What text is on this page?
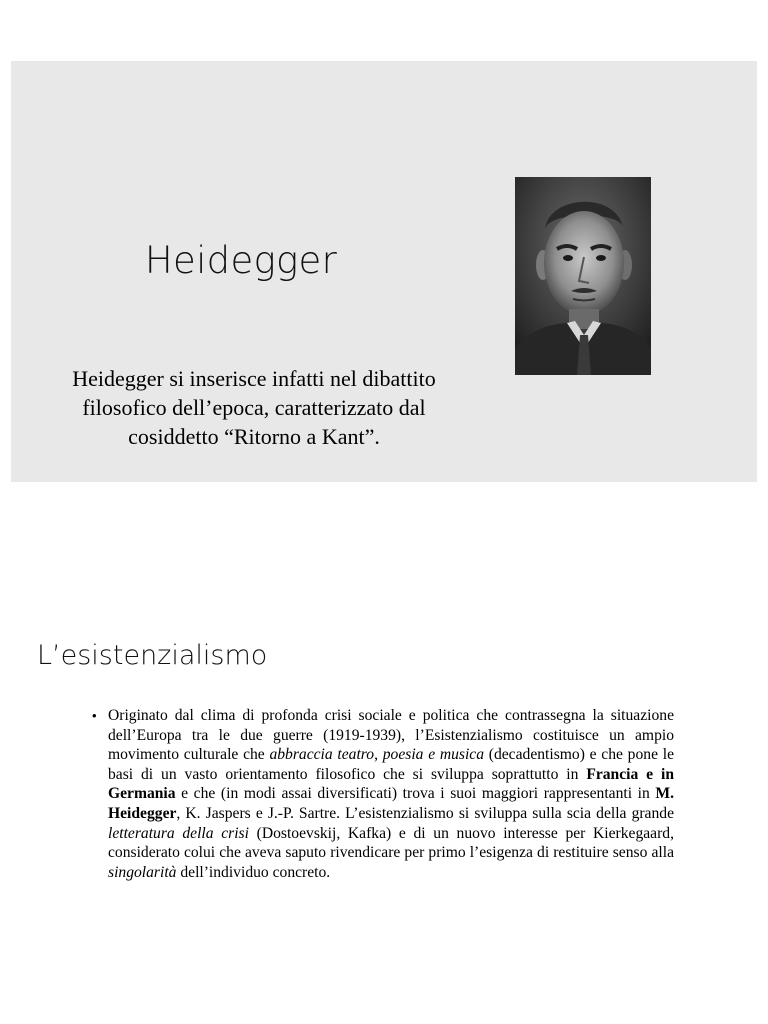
Heidegger
Heidegger si inserisce infatti nel dibattito
filosofico dell’epoca, caratterizzato dal
cosiddetto “Ritorno a Kant”.
L’esistenzialismo
• Originato dal clima di profonda crisi sociale e politica che contrassegna la situazione dell’Europa tra le due guerre (1919-1939), l’Esistenzialismo costituisce un ampio movimento culturale che abbraccia teatro, poesia e musica (decadentismo) e che pone le basi di un vasto orientamento filosofico che si sviluppa soprattutto in Francia e in Germania e che (in modi assai diversificati) trova i suoi maggiori rappresentanti in M. Heidegger, K. Jaspers e J.-P. Sartre. L’esistenzialismo si sviluppa sulla scia della grande letteratura della crisi (Dostoevskij, Kafka) e di un nuovo interesse per Kierkegaard, considerato colui che aveva saputo rivendicare per primo l’esigenza di restituire senso alla singolarità dell’individuo concreto.
